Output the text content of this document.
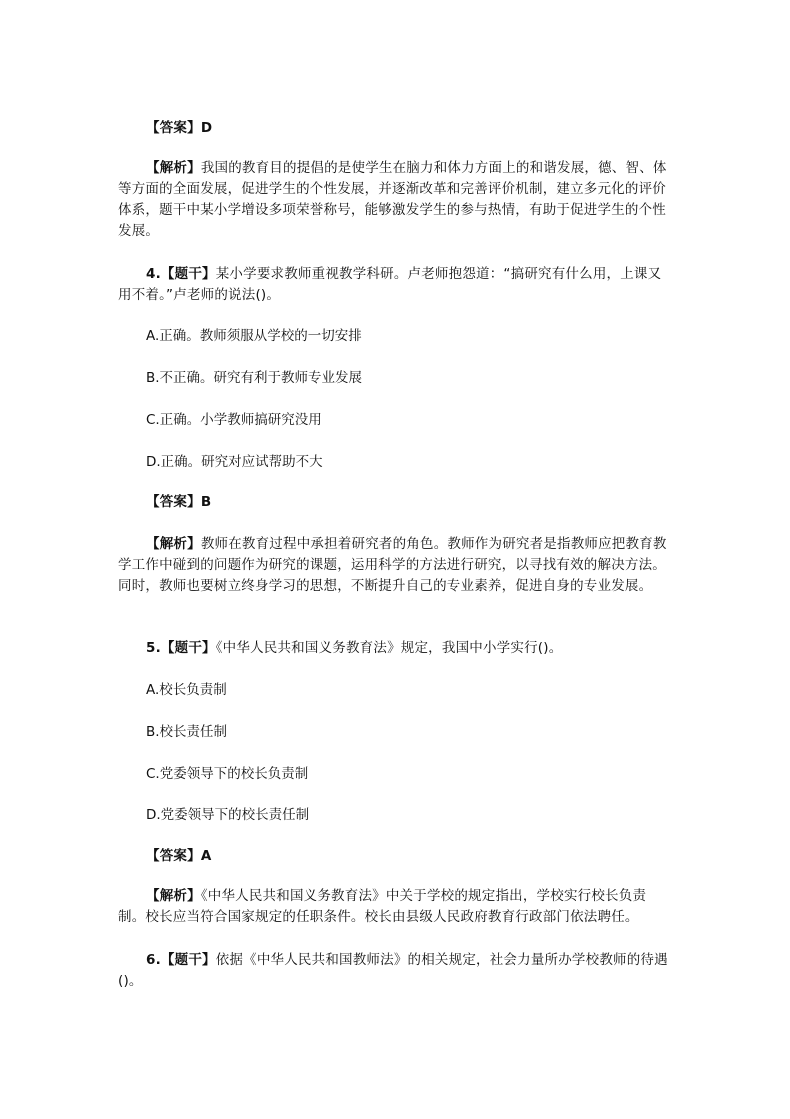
【答案】D

【解析】我国的教育目的提倡的是使学生在脑力和体力方面上的和谐发展，德、智、体等方面的全面发展，促进学生的个性发展，并逐渐改革和完善评价机制，建立多元化的评价体系，题干中某小学增设多项荣誉称号，能够激发学生的参与热情，有助于促进学生的个性发展。

4.【题干】某小学要求教师重视教学科研。卢老师抱怨道：“搞研究有什么用，上课又用不着。”卢老师的说法()。

A.正确。教师须服从学校的一切安排

B.不正确。研究有利于教师专业发展

C.正确。小学教师搞研究没用

D.正确。研究对应试帮助不大

【答案】B

【解析】教师在教育过程中承担着研究者的角色。教师作为研究者是指教师应把教育教学工作中碰到的问题作为研究的课题，运用科学的方法进行研究，以寻找有效的解决方法。同时，教师也要树立终身学习的思想，不断提升自己的专业素养，促进自身的专业发展。

5.【题干】《中华人民共和国义务教育法》规定，我国中小学实行()。

A.校长负责制

B.校长责任制

C.党委领导下的校长负责制

D.党委领导下的校长责任制

【答案】A

【解析】《中华人民共和国义务教育法》中关于学校的规定指出，学校实行校长负责制。校长应当符合国家规定的任职条件。校长由县级人民政府教育行政部门依法聘任。

6.【题干】依据《中华人民共和国教师法》的相关规定，社会力量所办学校教师的待遇()。
